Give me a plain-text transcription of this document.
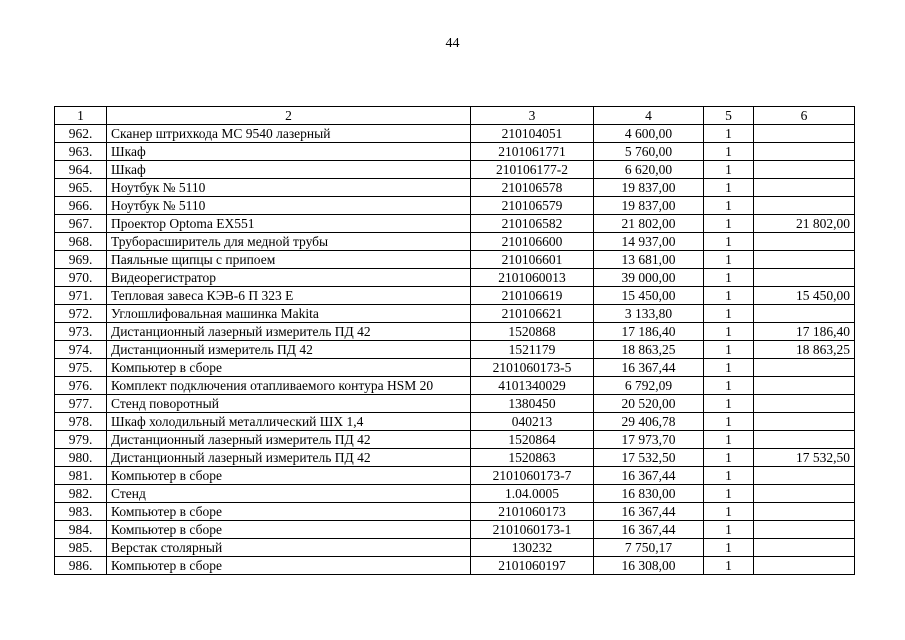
44
1	2	3	4	5	6
962.	Сканер штрихкода MC 9540 лазерный	210104051	4 600,00	1	
963.	Шкаф	2101061771	5 760,00	1	
964.	Шкаф	210106177-2	6 620,00	1	
965.	Ноутбук № 5110	210106578	19 837,00	1	
966.	Ноутбук № 5110	210106579	19 837,00	1	
967.	Проектор Optoma EX551	210106582	21 802,00	1	21 802,00
968.	Труборасширитель для медной трубы	210106600	14 937,00	1	
969.	Паяльные щипцы с припоем	210106601	13 681,00	1	
970.	Видеорегистратор	2101060013	39 000,00	1	
971.	Тепловая завеса КЭВ-6 П 323 Е	210106619	15 450,00	1	15 450,00
972.	Углошлифовальная машинка Makita	210106621	3 133,80	1	
973.	Дистанционный лазерный измеритель ПД 42	1520868	17 186,40	1	17 186,40
974.	Дистанционный измеритель ПД 42	1521179	18 863,25	1	18 863,25
975.	Компьютер в сборе	2101060173-5	16 367,44	1	
976.	Комплект подключения отапливаемого контура HSM 20	4101340029	6 792,09	1	
977.	Стенд поворотный	1380450	20 520,00	1	
978.	Шкаф холодильный металлический ШХ 1,4	040213	29 406,78	1	
979.	Дистанционный лазерный измеритель ПД 42	1520864	17 973,70	1	
980.	Дистанционный лазерный измеритель ПД 42	1520863	17 532,50	1	17 532,50
981.	Компьютер в сборе	2101060173-7	16 367,44	1	
982.	Стенд	1.04.0005	16 830,00	1	
983.	Компьютер в сборе	2101060173	16 367,44	1	
984.	Компьютер в сборе	2101060173-1	16 367,44	1	
985.	Верстак столярный	130232	7 750,17	1	
986.	Компьютер в сборе	2101060197	16 308,00	1	
